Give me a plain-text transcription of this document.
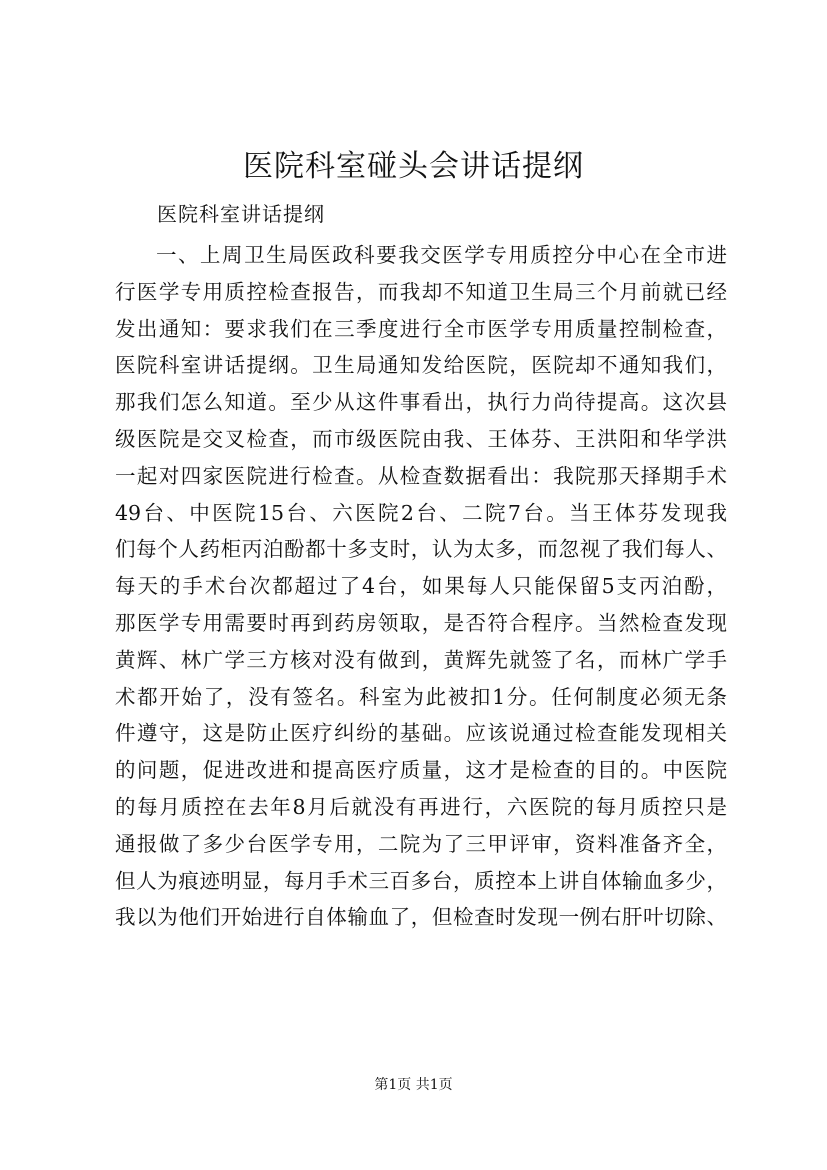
医院科室碰头会讲话提纲
医院科室讲话提纲
一、上周卫生局医政科要我交医学专用质控分中心在全市进
行医学专用质控检查报告，而我却不知道卫生局三个月前就已经
发出通知：要求我们在三季度进行全市医学专用质量控制检查，
医院科室讲话提纲。卫生局通知发给医院，医院却不通知我们，
那我们怎么知道。至少从这件事看出，执行力尚待提高。这次县
级医院是交叉检查，而市级医院由我、王体芬、王洪阳和华学洪
一起对四家医院进行检查。从检查数据看出：我院那天择期手术
49台、中医院15台、六医院2台、二院7台。当王体芬发现我
们每个人药柜丙泊酚都十多支时，认为太多，而忽视了我们每人、
每天的手术台次都超过了4台，如果每人只能保留5支丙泊酚，
那医学专用需要时再到药房领取，是否符合程序。当然检查发现
黄辉、林广学三方核对没有做到，黄辉先就签了名，而林广学手
术都开始了，没有签名。科室为此被扣1分。任何制度必须无条
件遵守，这是防止医疗纠纷的基础。应该说通过检查能发现相关
的问题，促进改进和提高医疗质量，这才是检查的目的。中医院
的每月质控在去年8月后就没有再进行，六医院的每月质控只是
通报做了多少台医学专用，二院为了三甲评审，资料准备齐全，
但人为痕迹明显，每月手术三百多台，质控本上讲自体输血多少，
我以为他们开始进行自体输血了，但检查时发现一例右肝叶切除、
第1页 共1页
